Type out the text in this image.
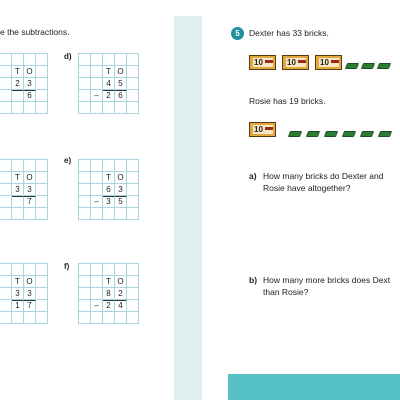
e the subtractions.
T O
2 3
6
d)
T O
4 5
– 2 6
T O
3 3
7
e)
T O
6 3
– 3 5
T O
3 3
1 7
f)
T O
8 2
– 2 4
5	Dexter has 33 bricks.
10	10	10
Rosie has 19 bricks.
10
a) How many bricks do Dexter and
Rosie have altogether?
b) How many more bricks does Dext
than Rosie?
